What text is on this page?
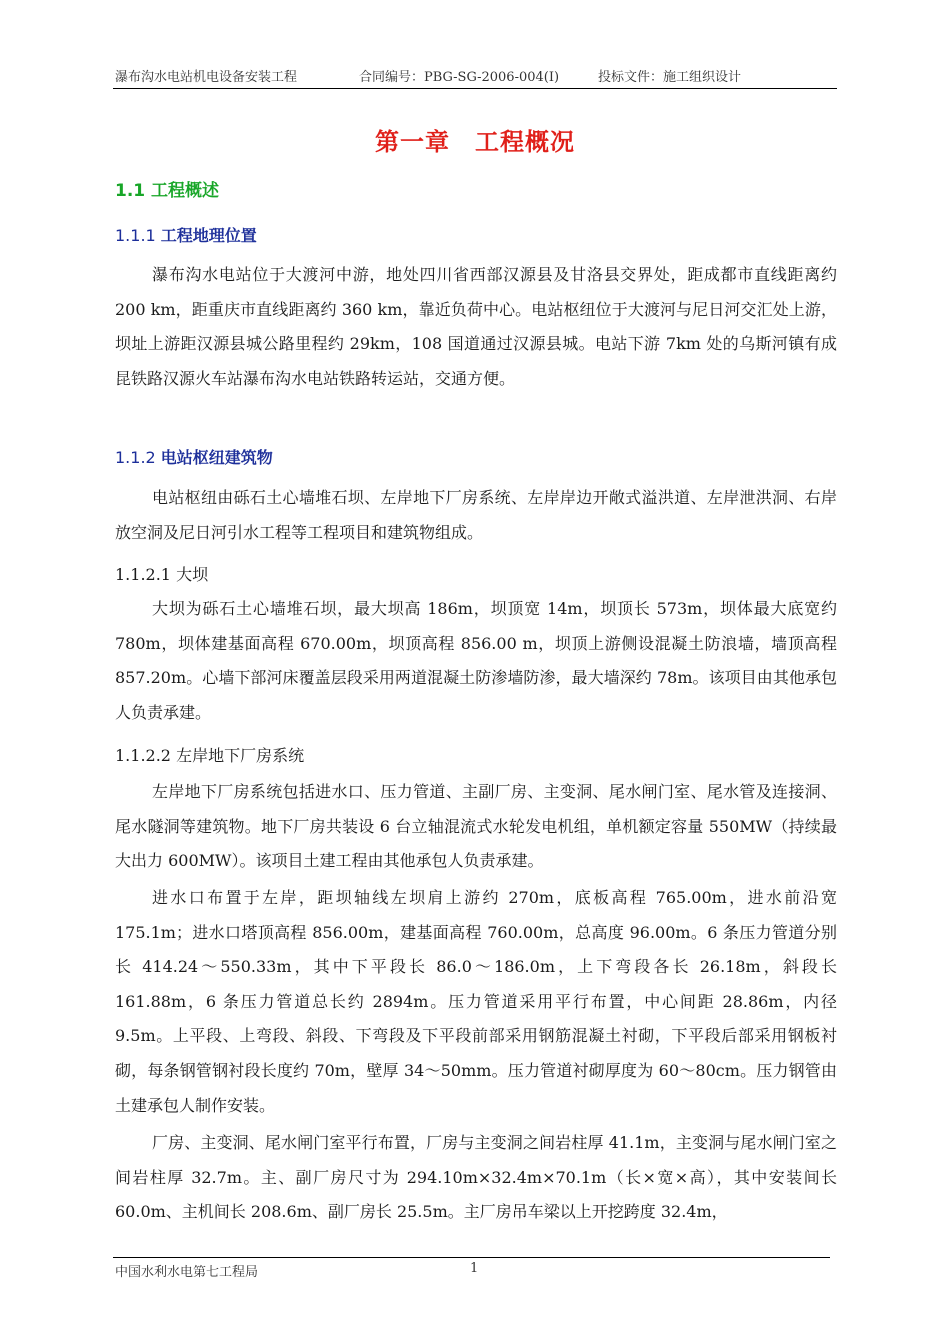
瀑布沟水电站机电设备安装工程	合同编号：PBG-SG-2006-004(Ⅰ)	投标文件：施工组织设计
第一章　工程概况
1.1 工程概述
1.1.1 工程地理位置

瀑布沟水电站位于大渡河中游，地处四川省西部汉源县及甘洛县交界处，距成都市直线距离约 200 km，距重庆市直线距离约 360 km，靠近负荷中心。电站枢纽位于大渡河与尼日河交汇处上游，坝址上游距汉源县城公路里程约 29km，108 国道通过汉源县城。电站下游 7km 处的乌斯河镇有成昆铁路汉源火车站瀑布沟水电站铁路转运站，交通方便。

1.1.2 电站枢纽建筑物

电站枢纽由砾石土心墙堆石坝、左岸地下厂房系统、左岸岸边开敞式溢洪道、左岸泄洪洞、右岸放空洞及尼日河引水工程等工程项目和建筑物组成。

1.1.2.1 大坝

大坝为砾石土心墙堆石坝，最大坝高 186m，坝顶宽 14m，坝顶长 573m，坝体最大底宽约 780m，坝体建基面高程 670.00m，坝顶高程 856.00 m，坝顶上游侧设混凝土防浪墙，墙顶高程 857.20m。心墙下部河床覆盖层段采用两道混凝土防渗墙防渗，最大墙深约 78m。该项目由其他承包人负责承建。

1.1.2.2 左岸地下厂房系统

左岸地下厂房系统包括进水口、压力管道、主副厂房、主变洞、尾水闸门室、尾水管及连接洞、尾水隧洞等建筑物。地下厂房共装设 6 台立轴混流式水轮发电机组，单机额定容量 550MW（持续最大出力 600MW）。该项目土建工程由其他承包人负责承建。

进水口布置于左岸，距坝轴线左坝肩上游约 270m，底板高程 765.00m，进水前沿宽 175.1m；进水口塔顶高程 856.00m，建基面高程 760.00m，总高度 96.00m。6 条压力管道分别长 414.24～550.33m，其中下平段长 86.0～186.0m，上下弯段各长 26.18m，斜段长 161.88m，6 条压力管道总长约 2894m。压力管道采用平行布置，中心间距 28.86m，内径 9.5m。上平段、上弯段、斜段、下弯段及下平段前部采用钢筋混凝土衬砌，下平段后部采用钢板衬砌，每条钢管钢衬段长度约 70m，壁厚 34～50mm。压力管道衬砌厚度为 60～80cm。压力钢管由土建承包人制作安装。

厂房、主变洞、尾水闸门室平行布置，厂房与主变洞之间岩柱厚 41.1m，主变洞与尾水闸门室之间岩柱厚 32.7m。主、副厂房尺寸为 294.10m×32.4m×70.1m（长×宽×高），其中安装间长 60.0m、主机间长 208.6m、副厂房长 25.5m。主厂房吊车梁以上开挖跨度 32.4m，

中国水利水电第七工程局	1
